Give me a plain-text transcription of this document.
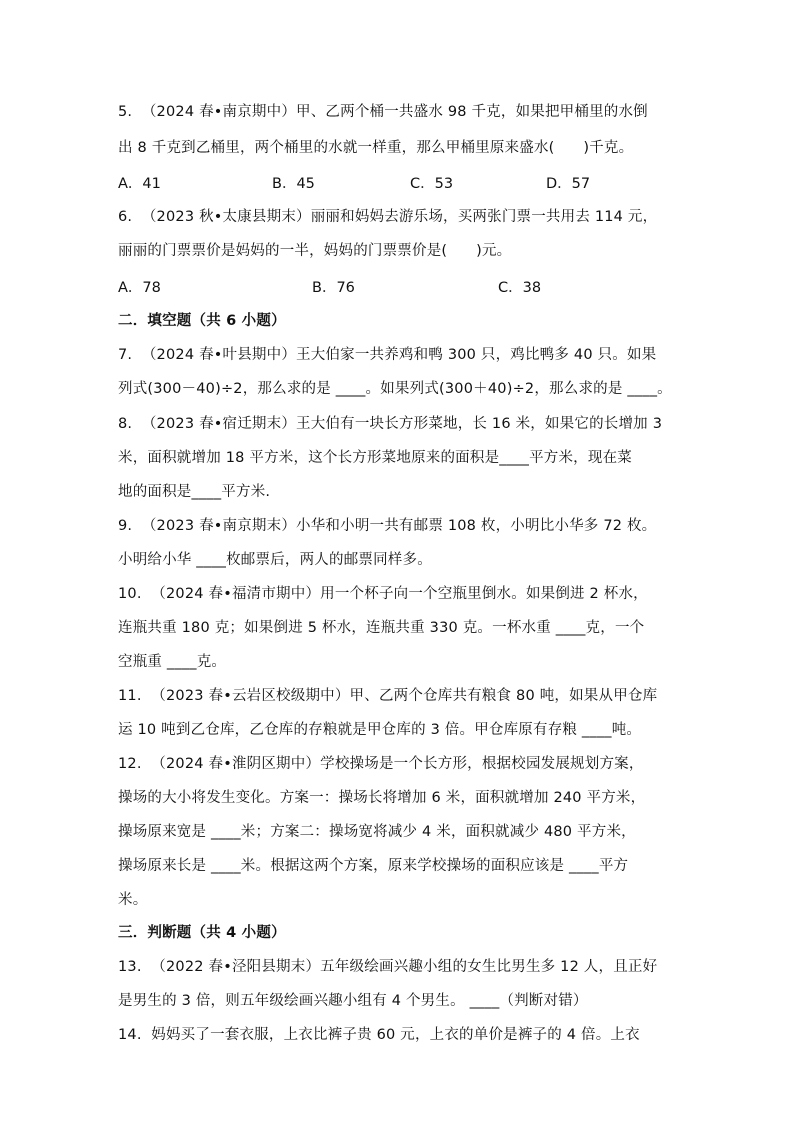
5.  （2024 春•南京期中）甲、乙两个桶一共盛水 98 千克，如果把甲桶里的水倒
出 8 千克到乙桶里，两个桶里的水就一样重，那么甲桶里原来盛水(      )千克。
A．41	B．45	C．53	D．57
6.  （2023 秋•太康县期末）丽丽和妈妈去游乐场，买两张门票一共用去 114 元，
丽丽的门票票价是妈妈的一半，妈妈的门票票价是(      )元。
A．78	B．76	C．38
二．填空题（共 6 小题）
7.  （2024 春•叶县期中）王大伯家一共养鸡和鸭 300 只，鸡比鸭多 40 只。如果
列式(300－40)÷2，那么求的是 ____。如果列式(300＋40)÷2，那么求的是 ____。
8.  （2023 春•宿迁期末）王大伯有一块长方形菜地，长 16 米，如果它的长增加 3
米，面积就增加 18 平方米，这个长方形菜地原来的面积是____平方米，现在菜
地的面积是____平方米.
9.  （2023 春•南京期末）小华和小明一共有邮票 108 枚，小明比小华多 72 枚。
小明给小华 ____枚邮票后，两人的邮票同样多。
10.  （2024 春•福清市期中）用一个杯子向一个空瓶里倒水。如果倒进 2 杯水，
连瓶共重 180 克；如果倒进 5 杯水，连瓶共重 330 克。一杯水重 ____克，一个
空瓶重 ____克。
11.  （2023 春•云岩区校级期中）甲、乙两个仓库共有粮食 80 吨，如果从甲仓库
运 10 吨到乙仓库，乙仓库的存粮就是甲仓库的 3 倍。甲仓库原有存粮 ____吨。
12.  （2024 春•淮阴区期中）学校操场是一个长方形，根据校园发展规划方案，
操场的大小将发生变化。方案一：操场长将增加 6 米，面积就增加 240 平方米，
操场原来宽是 ____米；方案二：操场宽将减少 4 米，面积就减少 480 平方米，
操场原来长是 ____米。根据这两个方案，原来学校操场的面积应该是 ____平方
米。
三．判断题（共 4 小题）
13.  （2022 春•泾阳县期末）五年级绘画兴趣小组的女生比男生多 12 人，且正好
是男生的 3 倍，则五年级绘画兴趣小组有 4 个男生。 ____（判断对错）
14.  妈妈买了一套衣服，上衣比裤子贵 60 元，上衣的单价是裤子的 4 倍。上衣
